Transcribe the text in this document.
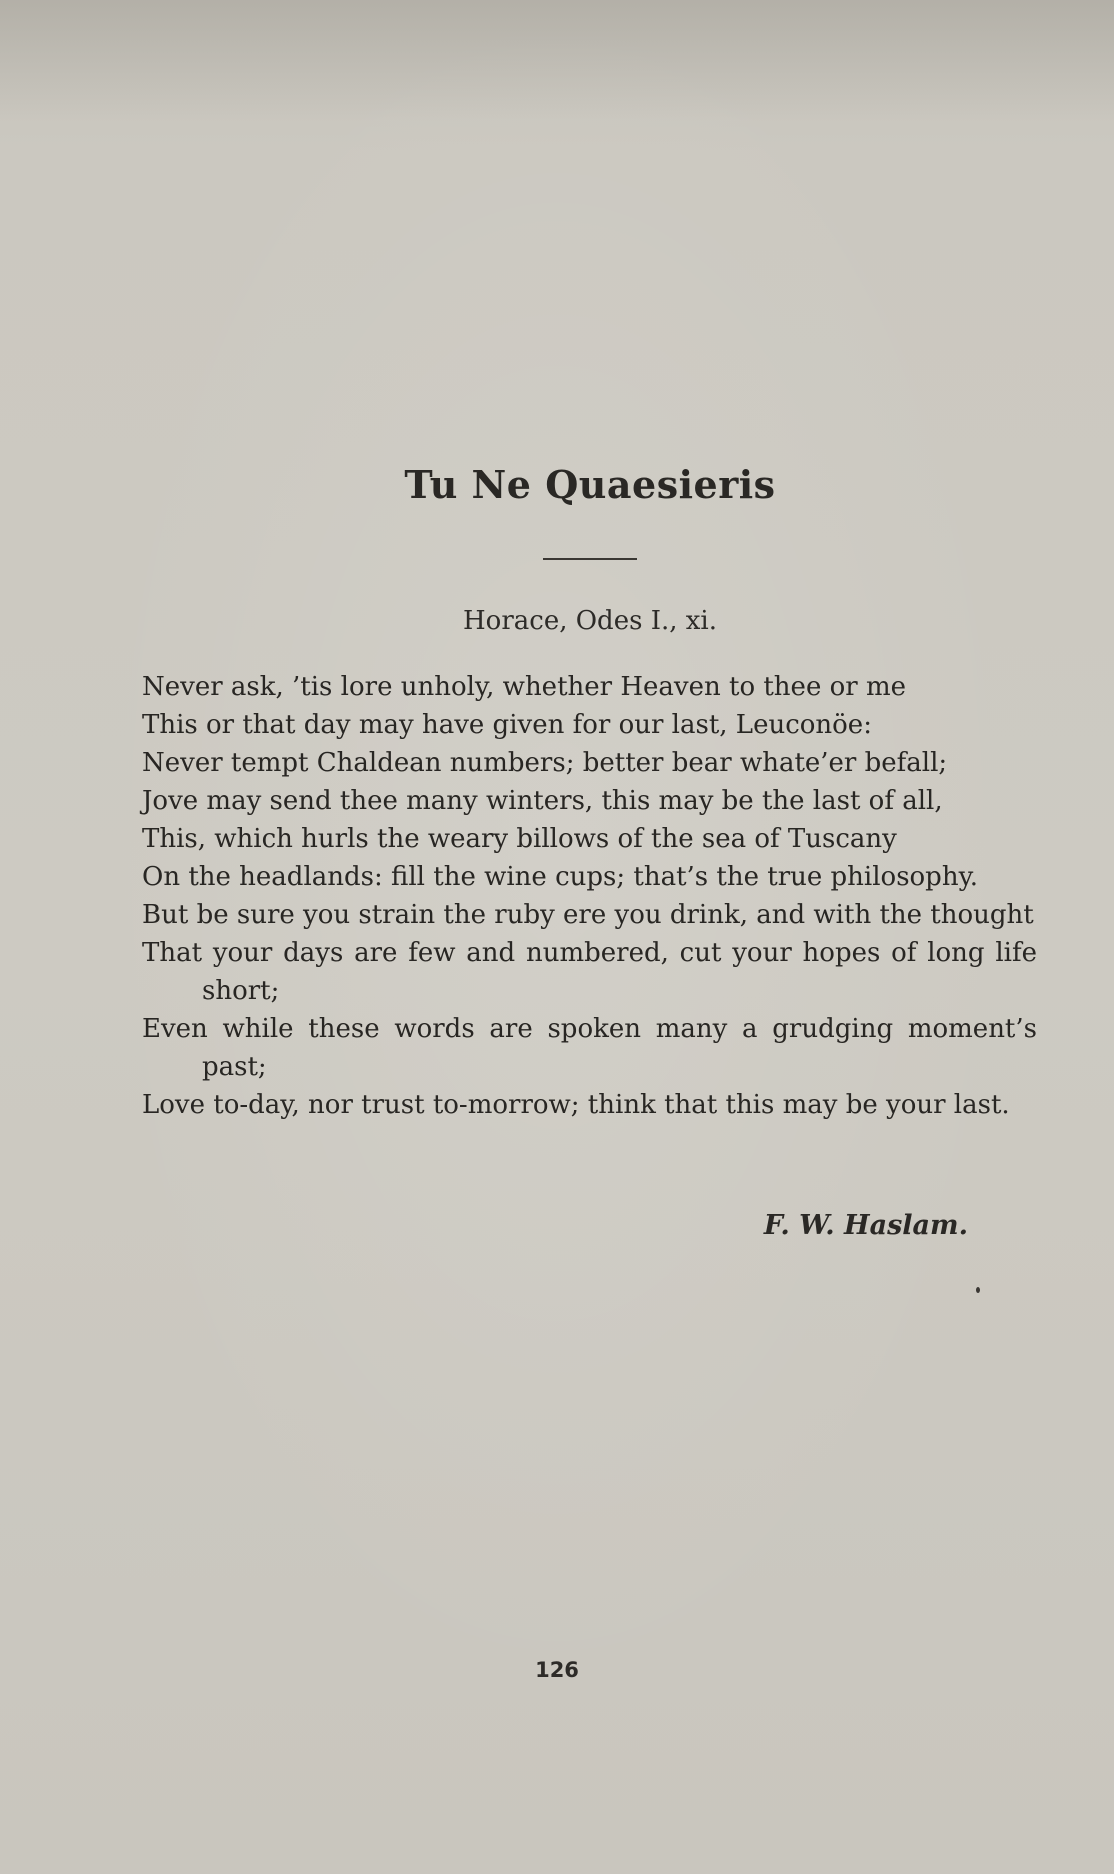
Tu Ne Quaesieris
Horace, Odes I., xi.
Never ask, ’tis lore unholy, whether Heaven to thee or me
This or that day may have given for our last, Leuconöe:
Never tempt Chaldean numbers; better bear whate’er befall;
Jove may send thee many winters, this may be the last of all,
This, which hurls the weary billows of the sea of Tuscany
On the headlands: fill the wine cups; that’s the true philosophy.
But be sure you strain the ruby ere you drink, and with the thought
That your days are few and numbered, cut your hopes of long life short;
Even while these words are spoken many a grudging moment’s past;
Love to-day, nor trust to-morrow; think that this may be your last.
F. W. Haslam.
126
